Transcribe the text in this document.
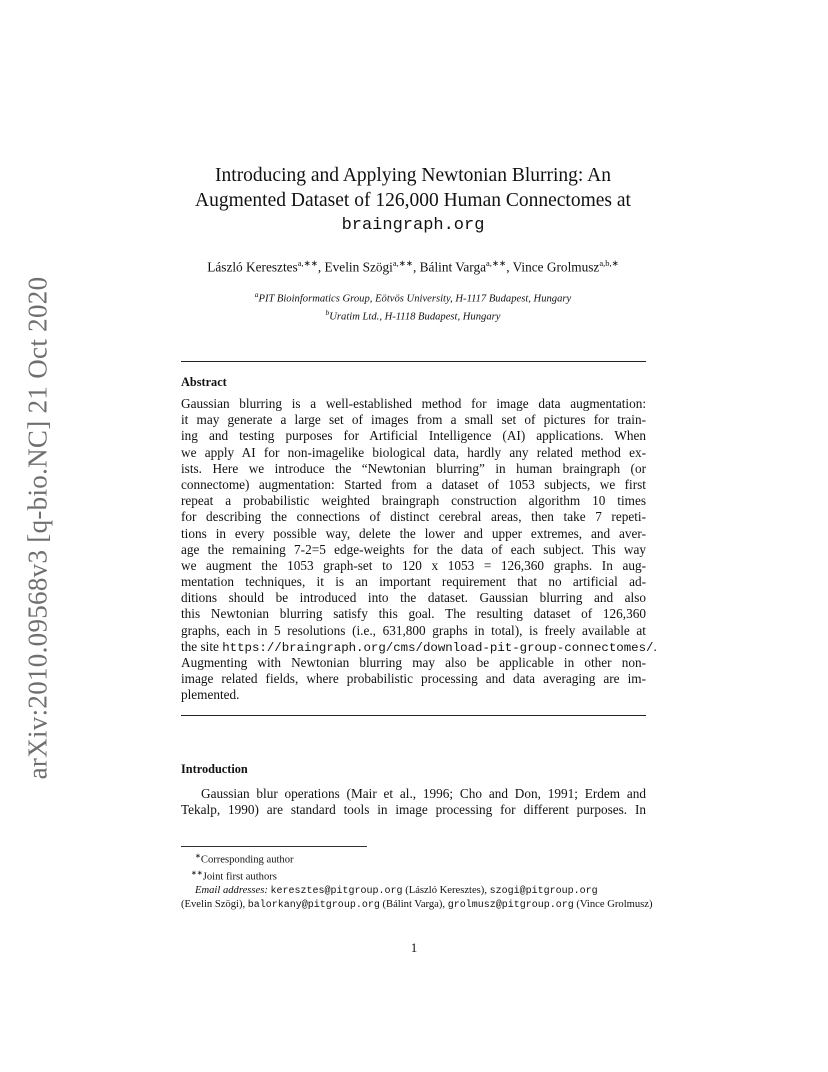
arXiv:2010.09568v3 [q-bio.NC] 21 Oct 2020
Introducing and Applying Newtonian Blurring: An
Augmented Dataset of 126,000 Human Connectomes at
braingraph.org
László Keresztes$^{a,∗∗}$, Evelin Szögi$^{a,∗∗}$, Bálint Varga$^{a,∗∗}$, Vince Grolmusz$^{a,b,∗}$
$^a$PIT Bioinformatics Group, Eötvös University, H-1117 Budapest, Hungary
$^b$Uratim Ltd., H-1118 Budapest, Hungary
Abstract
Gaussian blurring is a well-established method for image data augmentation:
it may generate a large set of images from a small set of pictures for train-
ing and testing purposes for Artificial Intelligence (AI) applications. When
we apply AI for non-imagelike biological data, hardly any related method ex-
ists. Here we introduce the “Newtonian blurring” in human braingraph (or
connectome) augmentation: Started from a dataset of 1053 subjects, we first
repeat a probabilistic weighted braingraph construction algorithm 10 times
for describing the connections of distinct cerebral areas, then take 7 repeti-
tions in every possible way, delete the lower and upper extremes, and aver-
age the remaining 7-2=5 edge-weights for the data of each subject. This way
we augment the 1053 graph-set to 120 x 1053 = 126,360 graphs. In aug-
mentation techniques, it is an important requirement that no artificial ad-
ditions should be introduced into the dataset. Gaussian blurring and also
this Newtonian blurring satisfy this goal. The resulting dataset of 126,360
graphs, each in 5 resolutions (i.e., 631,800 graphs in total), is freely available at
the site https://braingraph.org/cms/download-pit-group-connectomes/.
Augmenting with Newtonian blurring may also be applicable in other non-
image related fields, where probabilistic processing and data averaging are im-
plemented.
Introduction
Gaussian blur operations (Mair et al., 1996; Cho and Don, 1991; Erdem and
Tekalp, 1990) are standard tools in image processing for different purposes. In
∗Corresponding author
∗∗Joint first authors
Email addresses: keresztes@pitgroup.org (László Keresztes), szogi@pitgroup.org
(Evelin Szögi), balorkany@pitgroup.org (Bálint Varga), grolmusz@pitgroup.org (Vince Grolmusz)
1
